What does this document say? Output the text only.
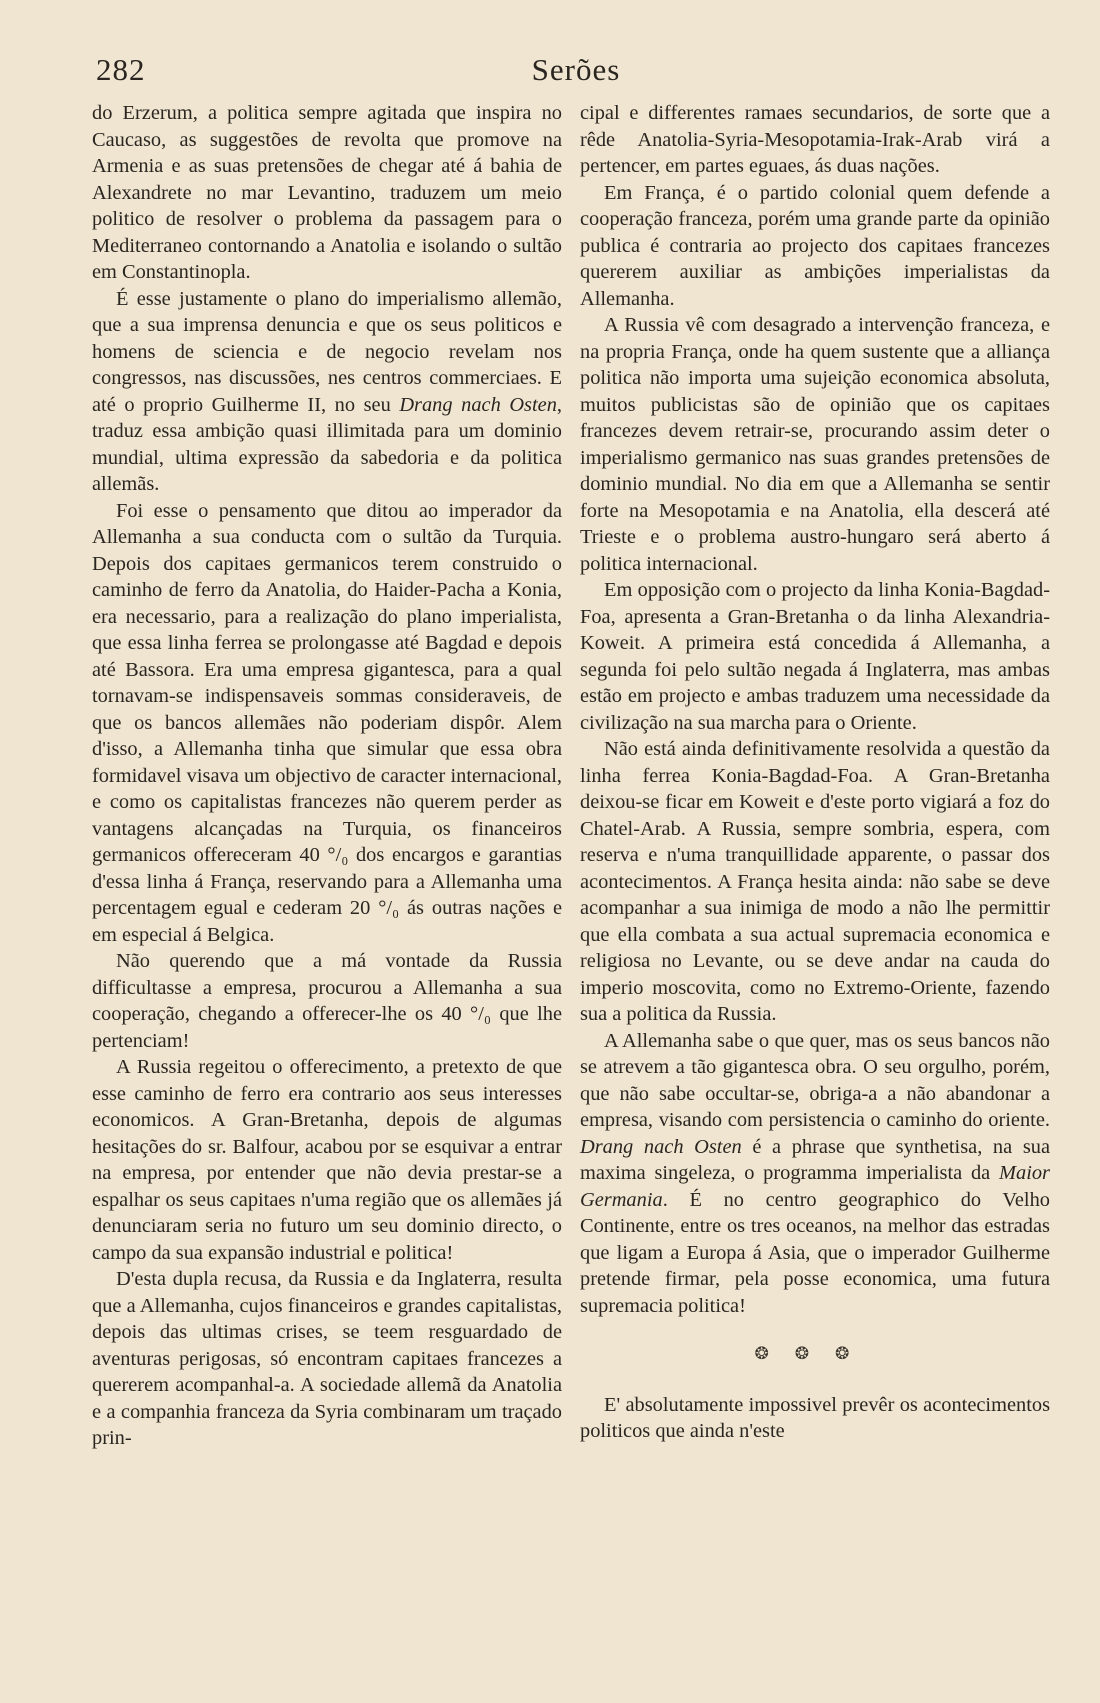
282	Serões

do Erzerum, a politica sempre agitada que inspira no Caucaso, as suggestões de revolta que promove na Armenia e as suas pretensões de chegar até á bahia de Alexandrete no mar Levantino, traduzem um meio politico de resolver o problema da passagem para o Mediterraneo contornando a Anatolia e isolando o sultão em Constantinopla.

É esse justamente o plano do imperialismo allemão, que a sua imprensa denuncia e que os seus politicos e homens de sciencia e de negocio revelam nos congressos, nas discussões, nes centros commerciaes. E até o proprio Guilherme II, no seu Drang nach Osten, traduz essa ambição quasi illimitada para um dominio mundial, ultima expressão da sabedoria e da politica allemãs.

Foi esse o pensamento que ditou ao imperador da Allemanha a sua conducta com o sultão da Turquia. Depois dos capitaes germanicos terem construido o caminho de ferro da Anatolia, do Haider-Pacha a Konia, era necessario, para a realização do plano imperialista, que essa linha ferrea se prolongasse até Bagdad e depois até Bassora. Era uma empresa gigantesca, para a qual tornavam-se indispensaveis sommas consideraveis, de que os bancos allemães não poderiam dispôr. Alem d'isso, a Allemanha tinha que simular que essa obra formidavel visava um objectivo de caracter internacional, e como os capitalistas francezes não querem perder as vantagens alcançadas na Turquia, os financeiros germanicos offereceram 40 °/₀ dos encargos e garantias d'essa linha á França, reservando para a Allemanha uma percentagem egual e cederam 20 °/₀ ás outras nações e em especial á Belgica.

Não querendo que a má vontade da Russia difficultasse a empresa, procurou a Allemanha a sua cooperação, chegando a offerecer-lhe os 40 °/₀ que lhe pertenciam!

A Russia regeitou o offerecimento, a pretexto de que esse caminho de ferro era contrario aos seus interesses economicos. A Gran-Bretanha, depois de algumas hesitações do sr. Balfour, acabou por se esquivar a entrar na empresa, por entender que não devia prestar-se a espalhar os seus capitaes n'uma região que os allemães já denunciaram seria no futuro um seu dominio directo, o campo da sua expansão industrial e politica!

D'esta dupla recusa, da Russia e da Inglaterra, resulta que a Allemanha, cujos financeiros e grandes capitalistas, depois das ultimas crises, se teem resguardado de aventuras perigosas, só encontram capitaes francezes a quererem acompanhal-a. A sociedade allemã da Anatolia e a companhia franceza da Syria combinaram um traçado prin-

cipal e differentes ramaes secundarios, de sorte que a rêde Anatolia-Syria-Mesopotamia-Irak-Arab virá a pertencer, em partes eguaes, ás duas nações.

Em França, é o partido colonial quem defende a cooperação franceza, porém uma grande parte da opinião publica é contraria ao projecto dos capitaes francezes quererem auxiliar as ambições imperialistas da Allemanha.

A Russia vê com desagrado a intervenção franceza, e na propria França, onde ha quem sustente que a alliança politica não importa uma sujeição economica absoluta, muitos publicistas são de opinião que os capitaes francezes devem retrair-se, procurando assim deter o imperialismo germanico nas suas grandes pretensões de dominio mundial. No dia em que a Allemanha se sentir forte na Mesopotamia e na Anatolia, ella descerá até Trieste e o problema austro-hungaro será aberto á politica internacional.

Em opposição com o projecto da linha Konia-Bagdad-Foa, apresenta a Gran-Bretanha o da linha Alexandria-Koweit. A primeira está concedida á Allemanha, a segunda foi pelo sultão negada á Inglaterra, mas ambas estão em projecto e ambas traduzem uma necessidade da civilização na sua marcha para o Oriente.

Não está ainda definitivamente resolvida a questão da linha ferrea Konia-Bagdad-Foa. A Gran-Bretanha deixou-se ficar em Koweit e d'este porto vigiará a foz do Chatel-Arab. A Russia, sempre sombria, espera, com reserva e n'uma tranquillidade apparente, o passar dos acontecimentos. A França hesita ainda: não sabe se deve acompanhar a sua inimiga de modo a não lhe permittir que ella combata a sua actual supremacia economica e religiosa no Levante, ou se deve andar na cauda do imperio moscovita, como no Extremo-Oriente, fazendo sua a politica da Russia.

A Allemanha sabe o que quer, mas os seus bancos não se atrevem a tão gigantesca obra. O seu orgulho, porém, que não sabe occultar-se, obriga-a a não abandonar a empresa, visando com persistencia o caminho do oriente. Drang nach Osten é a phrase que synthetisa, na sua maxima singeleza, o programma imperialista da Maior Germania. É no centro geographico do Velho Continente, entre os tres oceanos, na melhor das estradas que ligam a Europa á Asia, que o imperador Guilherme pretende firmar, pela posse economica, uma futura supremacia politica!

❂❂❂

E' absolutamente impossivel prevêr os acontecimentos politicos que ainda n'este
